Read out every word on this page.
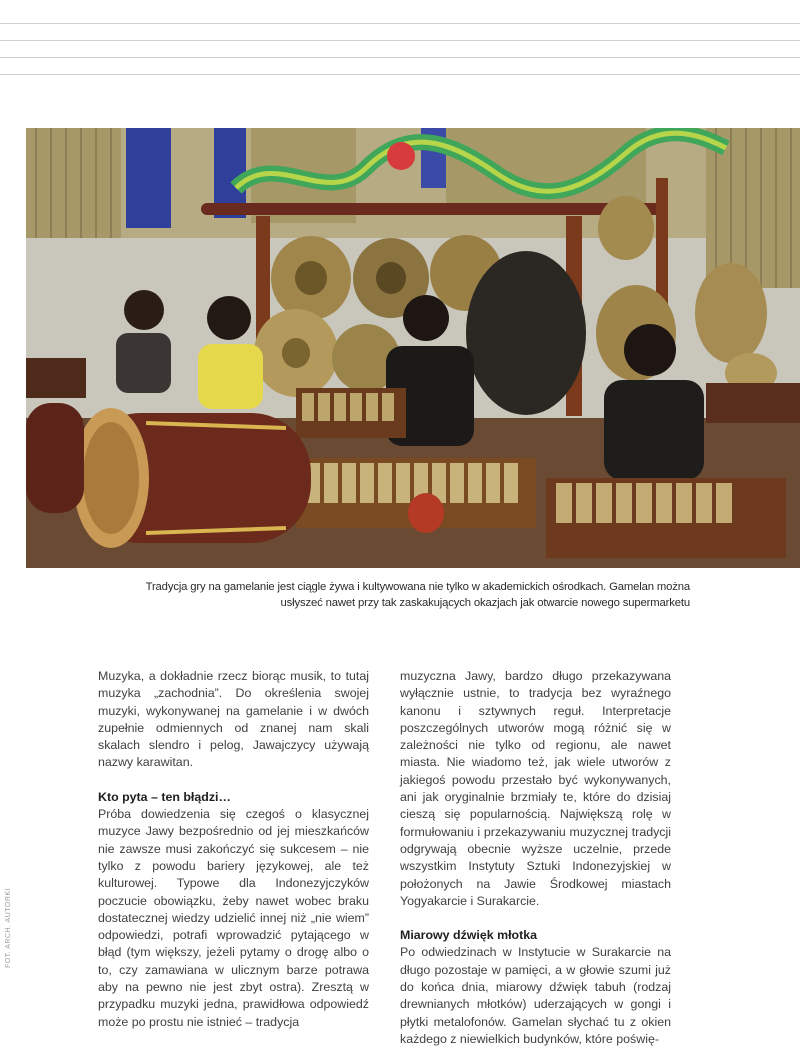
Tradycja gry na gamelanie jest ciągle żywa i kultywowana nie tylko w akademickich ośrodkach. Gamelan można
usłyszeć nawet przy tak zaskakujących okazjach jak otwarcie nowego supermarketu

Muzyka, a dokładnie rzecz biorąc musik, to tutaj muzyka „zachodnia”. Do określenia swojej muzyki, wykonywanej na gamelanie i w dwóch zupełnie odmiennych od znanej nam skali skalach slendro i pelog, Jawajczycy używają nazwy karawitan.

Kto pyta – ten błądzi…

Próba dowiedzenia się czegoś o klasycznej muzyce Jawy bezpośrednio od jej mieszkańców nie zawsze musi zakończyć się sukcesem – nie tylko z powodu bariery językowej, ale też kulturowej. Typowe dla Indonezyjczyków poczucie obowiązku, żeby nawet wobec braku dostatecznej wiedzy udzielić innej niż „nie wiem” odpowiedzi, potrafi wprowadzić pytającego w błąd (tym większy, jeżeli pytamy o drogę albo o to, czy zamawiana w ulicznym barze potrawa aby na pewno nie jest zbyt ostra). Zresztą w przypadku muzyki jedna, prawidłowa odpowiedź może po prostu nie istnieć – tradycja

muzyczna Jawy, bardzo długo przekazywana wyłącznie ustnie, to tradycja bez wyraźnego kanonu i sztywnych reguł. Interpretacje poszczególnych utworów mogą różnić się w zależności nie tylko od regionu, ale nawet miasta. Nie wiadomo też, jak wiele utworów z jakiegoś powodu przestało być wykonywanych, ani jak oryginalnie brzmiały te, które do dzisiaj cieszą się popularnością. Największą rolę w formułowaniu i przekazywaniu muzycznej tradycji odgrywają obecnie wyższe uczelnie, przede wszystkim Instytuty Sztuki Indonezyjskiej w położonych na Jawie Środkowej miastach Yogyakarcie i Surakarcie.

Miarowy dźwięk młotka

Po odwiedzinach w Instytucie w Surakarcie na długo pozostaje w pamięci, a w głowie szumi już do końca dnia, miarowy dźwięk tabuh (rodzaj drewnianych młotków) uderzających w gongi i płytki metalofonów. Gamelan słychać tu z okien każdego z niewielkich budynków, które poświę-

FOT. ARCH. AUTORKI
